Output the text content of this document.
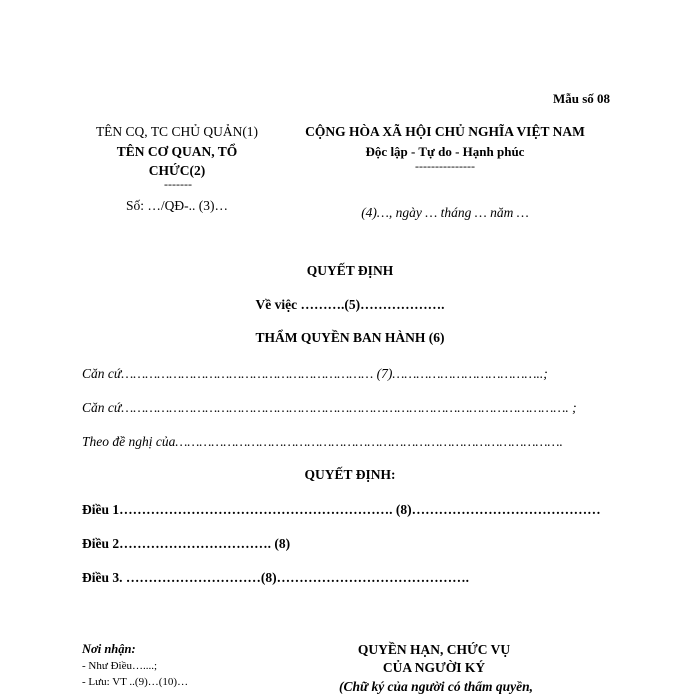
Mẫu số 08
TÊN CQ, TC CHỦ QUẢN(1)
TÊN CƠ QUAN, TỔ
CHỨC(2)
-------
Số: …/QĐ-.. (3)…
CỘNG HÒA XÃ HỘI CHỦ NGHĨA VIỆT NAM
Độc lập - Tự do - Hạnh phúc
---------------
(4)…, ngày … tháng … năm …
QUYẾT ĐỊNH
Về việc ……….(5)……………….
THẨM QUYỀN BAN HÀNH (6)
Căn cứ……………………………………………………… (7)………………………………..;
Căn cứ…………………………………………………………………………………………………. ;
Theo đề nghị của…………………………………………………………………………………….
QUYẾT ĐỊNH:
Điều 1……………………………………………………. (8)……………………………………
Điều 2……………………………. (8)
Điều 3. …………………………(8)…………………………………….
Nơi nhận:
- Như Điều…....;
- Lưu: VT ..(9)…(10)…
QUYỀN HẠN, CHỨC VỤ
CỦA NGƯỜI KÝ
(Chữ ký của người có thẩm quyền,
